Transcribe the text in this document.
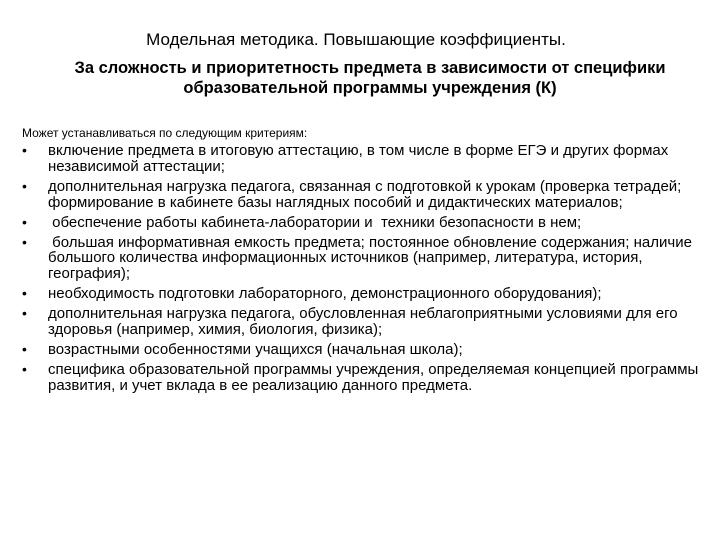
Модельная методика. Повышающие коэффициенты.
За сложность и приоритетность предмета в зависимости от специфики образовательной программы учреждения (К)
Может устанавливаться по следующим критериям:
•	включение предмета в итоговую аттестацию, в том числе в форме ЕГЭ и других формах независимой аттестации;
•	дополнительная нагрузка педагога, связанная с подготовкой к урокам (проверка тетрадей; формирование в кабинете базы наглядных пособий и дидактических материалов;
•	обеспечение работы кабинета-лаборатории и  техники безопасности в нем;
•	большая информативная емкость предмета; постоянное обновление содержания; наличие большого количества информационных источников (например, литература, история, география);
•	необходимость подготовки лабораторного, демонстрационного оборудования);
•	дополнительная нагрузка педагога, обусловленная неблагоприятными условиями для его здоровья (например, химия, биология, физика);
•	возрастными особенностями учащихся (начальная школа);
•	специфика образовательной программы учреждения, определяемая концепцией программы развития, и учет вклада в ее реализацию данного предмета.
